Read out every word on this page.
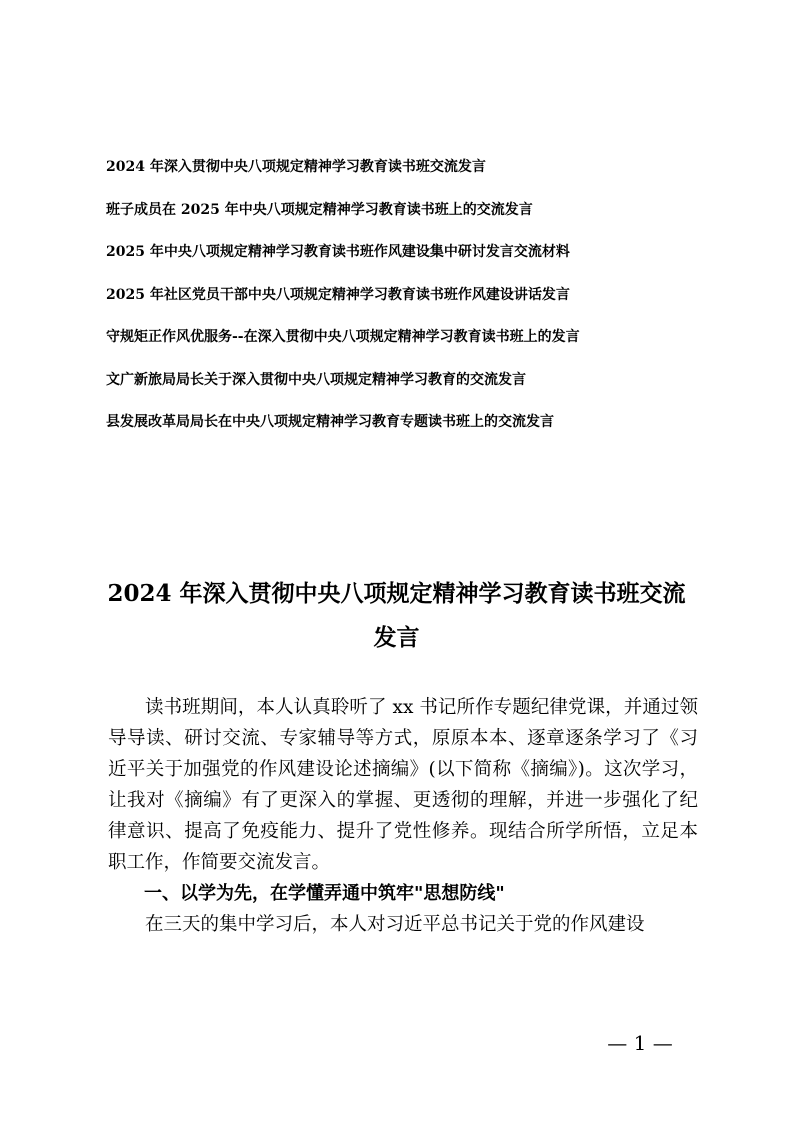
2024 年深入贯彻中央八项规定精神学习教育读书班交流发言
班子成员在 2025 年中央八项规定精神学习教育读书班上的交流发言
2025 年中央八项规定精神学习教育读书班作风建设集中研讨发言交流材料
2025 年社区党员干部中央八项规定精神学习教育读书班作风建设讲话发言
守规矩正作风优服务--在深入贯彻中央八项规定精神学习教育读书班上的发言
文广新旅局局长关于深入贯彻中央八项规定精神学习教育的交流发言
县发展改革局局长在中央八项规定精神学习教育专题读书班上的交流发言
2024 年深入贯彻中央八项规定精神学习教育读书班交流发言

读书班期间，本人认真聆听了 xx 书记所作专题纪律党课，并通过领导导读、研讨交流、专家辅导等方式，原原本本、逐章逐条学习了《习近平关于加强党的作风建设论述摘编》(以下简称《摘编》)。这次学习，让我对《摘编》有了更深入的掌握、更透彻的理解，并进一步强化了纪律意识、提高了免疫能力、提升了党性修养。现结合所学所悟，立足本职工作，作简要交流发言。

一、以学为先，在学懂弄通中筑牢"思想防线"

在三天的集中学习后，本人对习近平总书记关于党的作风建设

— 1 —
